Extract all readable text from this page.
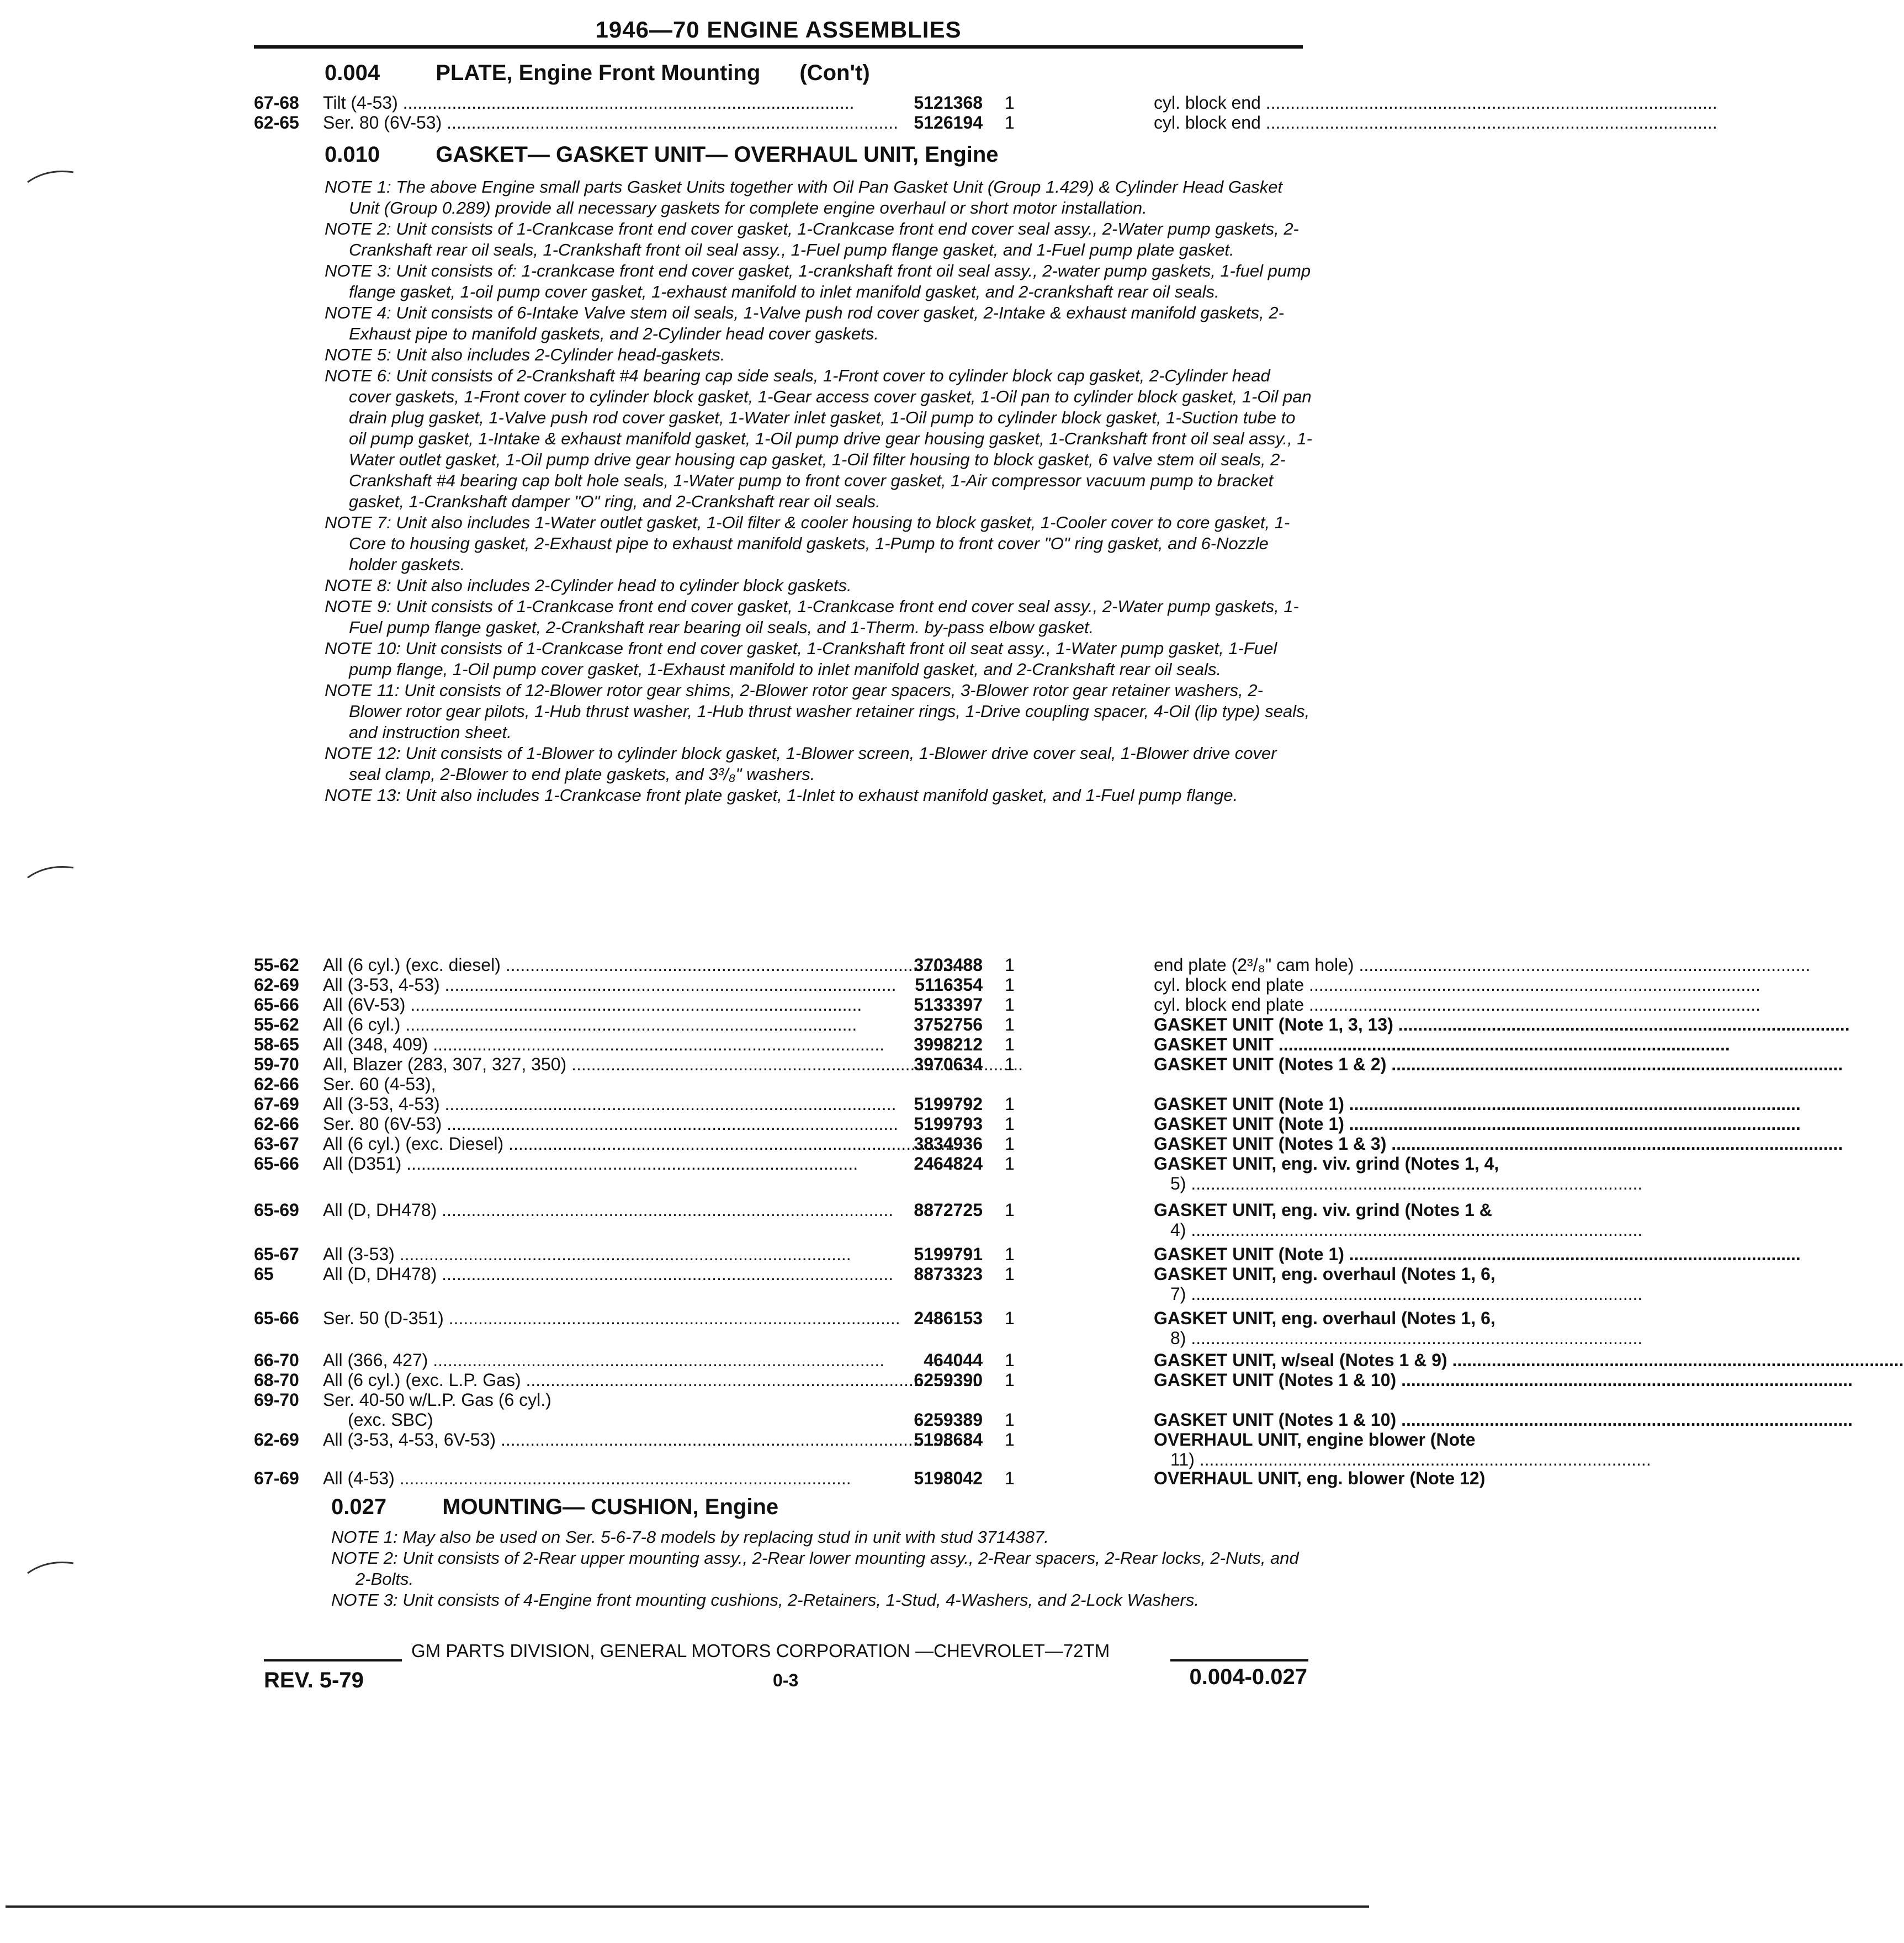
1946—70 ENGINE ASSEMBLIES
0.004	PLATE, Engine Front Mounting (Con't)
67-68 Tilt (4-53) .....	5121368 1	cyl. block end .....
62-65 Ser. 80 (6V-53) .....	5126194 1	cyl. block end .....
0.010	GASKET— GASKET UNIT— OVERHAUL UNIT, Engine

NOTE 1: The above Engine small parts Gasket Units together with Oil Pan Gasket Unit (Group 1.429) & Cylinder Head Gasket Unit (Group 0.289) provide all necessary gaskets for complete engine overhaul or short motor installation.

NOTE 2: Unit consists of 1-Crankcase front end cover gasket, 1-Crankcase front end cover seal assy., 2-Water pump gaskets, 2-Crankshaft rear oil seals, 1-Crankshaft front oil seal assy., 1-Fuel pump flange gasket, and 1-Fuel pump plate gasket.

NOTE 3: Unit consists of: 1-crankcase front end cover gasket, 1-crankshaft front oil seal assy., 2-water pump gaskets, 1-fuel pump flange gasket, 1-oil pump cover gasket, 1-exhaust manifold to inlet manifold gasket, and 2-crankshaft rear oil seals.

NOTE 4: Unit consists of 6-Intake Valve stem oil seals, 1-Valve push rod cover gasket, 2-Intake & exhaust manifold gaskets, 2-Exhaust pipe to manifold gaskets, and 2-Cylinder head cover gaskets.

NOTE 5: Unit also includes 2-Cylinder head-gaskets.

NOTE 6: Unit consists of 2-Crankshaft #4 bearing cap side seals, 1-Front cover to cylinder block cap gasket, 2-Cylinder head cover gaskets, 1-Front cover to cylinder block gasket, 1-Gear access cover gasket, 1-Oil pan to cylinder block gasket, 1-Oil pan drain plug gasket, 1-Valve push rod cover gasket, 1-Water inlet gasket, 1-Oil pump to cylinder block gasket, 1-Suction tube to oil pump gasket, 1-Intake & exhaust manifold gasket, 1-Oil pump drive gear housing gasket, 1-Crankshaft front oil seal assy., 1-Water outlet gasket, 1-Oil pump drive gear housing cap gasket, 1-Oil filter housing to block gasket, 6 valve stem oil seals, 2-Crankshaft #4 bearing cap bolt hole seals, 1-Water pump to front cover gasket, 1-Air compressor vacuum pump to bracket gasket, 1-Crankshaft damper "O" ring, and 2-Crankshaft rear oil seals.

NOTE 7: Unit also includes 1-Water outlet gasket, 1-Oil filter & cooler housing to block gasket, 1-Cooler cover to core gasket, 1-Core to housing gasket, 2-Exhaust pipe to exhaust manifold gaskets, 1-Pump to front cover "O" ring gasket, and 6-Nozzle holder gaskets.

NOTE 8: Unit also includes 2-Cylinder head to cylinder block gaskets.

NOTE 9: Unit consists of 1-Crankcase front end cover gasket, 1-Crankcase front end cover seal assy., 2-Water pump gaskets, 1-Fuel pump flange gasket, 2-Crankshaft rear bearing oil seals, and 1-Therm. by-pass elbow gasket.

NOTE 10: Unit consists of 1-Crankcase front end cover gasket, 1-Crankshaft front oil seat assy., 1-Water pump gasket, 1-Fuel pump flange, 1-Oil pump cover gasket, 1-Exhaust manifold to inlet manifold gasket, and 2-Crankshaft rear oil seals.

NOTE 11: Unit consists of 12-Blower rotor gear shims, 2-Blower rotor gear spacers, 3-Blower rotor gear retainer washers, 2-Blower rotor gear pilots, 1-Hub thrust washer, 1-Hub thrust washer retainer rings, 1-Drive coupling spacer, 4-Oil (lip type) seals, and instruction sheet.

NOTE 12: Unit consists of 1-Blower to cylinder block gasket, 1-Blower screen, 1-Blower drive cover seal, 1-Blower drive cover seal clamp, 2-Blower to end plate gaskets, and 3³/₈" washers.

NOTE 13: Unit also includes 1-Crankcase front plate gasket, 1-Inlet to exhaust manifold gasket, and 1-Fuel pump flange.

55-62 All (6 cyl.) (exc. diesel) .....	3703488 1	end plate (2³/₈" cam hole) .....
62-69 All (3-53, 4-53) .....	5116354 1	cyl. block end plate .....
65-66 All (6V-53) .....	5133397 1	cyl. block end plate .....
55-62 All (6 cyl.) .....	3752756 1	GASKET UNIT (Note 1, 3, 13) .....
58-65 All (348, 409) .....	3998212 1	GASKET UNIT .....
59-70 All, Blazer (283, 307, 327, 350) .....	3970634 1	GASKET UNIT (Notes 1 & 2) .....
62-66 Ser. 60 (4-53),
67-69 All (3-53, 4-53) .....	5199792 1	GASKET UNIT (Note 1) .....
62-66 Ser. 80 (6V-53) .....	5199793 1	GASKET UNIT (Note 1) .....
63-67 All (6 cyl.) (exc. Diesel) .....	3834936 1	GASKET UNIT (Notes 1 & 3) .....
65-66 All (D351) .....	2464824 1	GASKET UNIT, eng. viv. grind (Notes 1, 4,
5) .....
65-69 All (D, DH478) .....	8872725 1	GASKET UNIT, eng. viv. grind (Notes 1 &
4) .....
65-67 All (3-53) .....	5199791 1	GASKET UNIT (Note 1) .....
65	All (D, DH478) .....	8873323 1	GASKET UNIT, eng. overhaul (Notes 1, 6,
7) .....
65-66 Ser. 50 (D-351) .....	2486153 1	GASKET UNIT, eng. overhaul (Notes 1, 6,
8) .....
66-70 All (366, 427) .....	464044 1	GASKET UNIT, w/seal (Notes 1 & 9) .....
68-70 All (6 cyl.) (exc. L.P. Gas) .....	6259390 1	GASKET UNIT (Notes 1 & 10) .....
69-70 Ser. 40-50 w/L.P. Gas (6 cyl.)
(exc. SBC)	6259389 1	GASKET UNIT (Notes 1 & 10) .....
62-69 All (3-53, 4-53, 6V-53) .....	5198684 1	OVERHAUL UNIT, engine blower (Note
11) .....
67-69 All (4-53) .....	5198042 1	OVERHAUL UNIT, eng. blower (Note 12)
0.027	MOUNTING— CUSHION, Engine

NOTE 1: May also be used on Ser. 5-6-7-8 models by replacing stud in unit with stud 3714387.

NOTE 2: Unit consists of 2-Rear upper mounting assy., 2-Rear lower mounting assy., 2-Rear spacers, 2-Rear locks, 2-Nuts, and 2-Bolts.

NOTE 3: Unit consists of 4-Engine front mounting cushions, 2-Retainers, 1-Stud, 4-Washers, and 2-Lock Washers.

GM PARTS DIVISION, GENERAL MOTORS CORPORATION —CHEVROLET—72TM
REV. 5-79	0-3	0.004-0.027
